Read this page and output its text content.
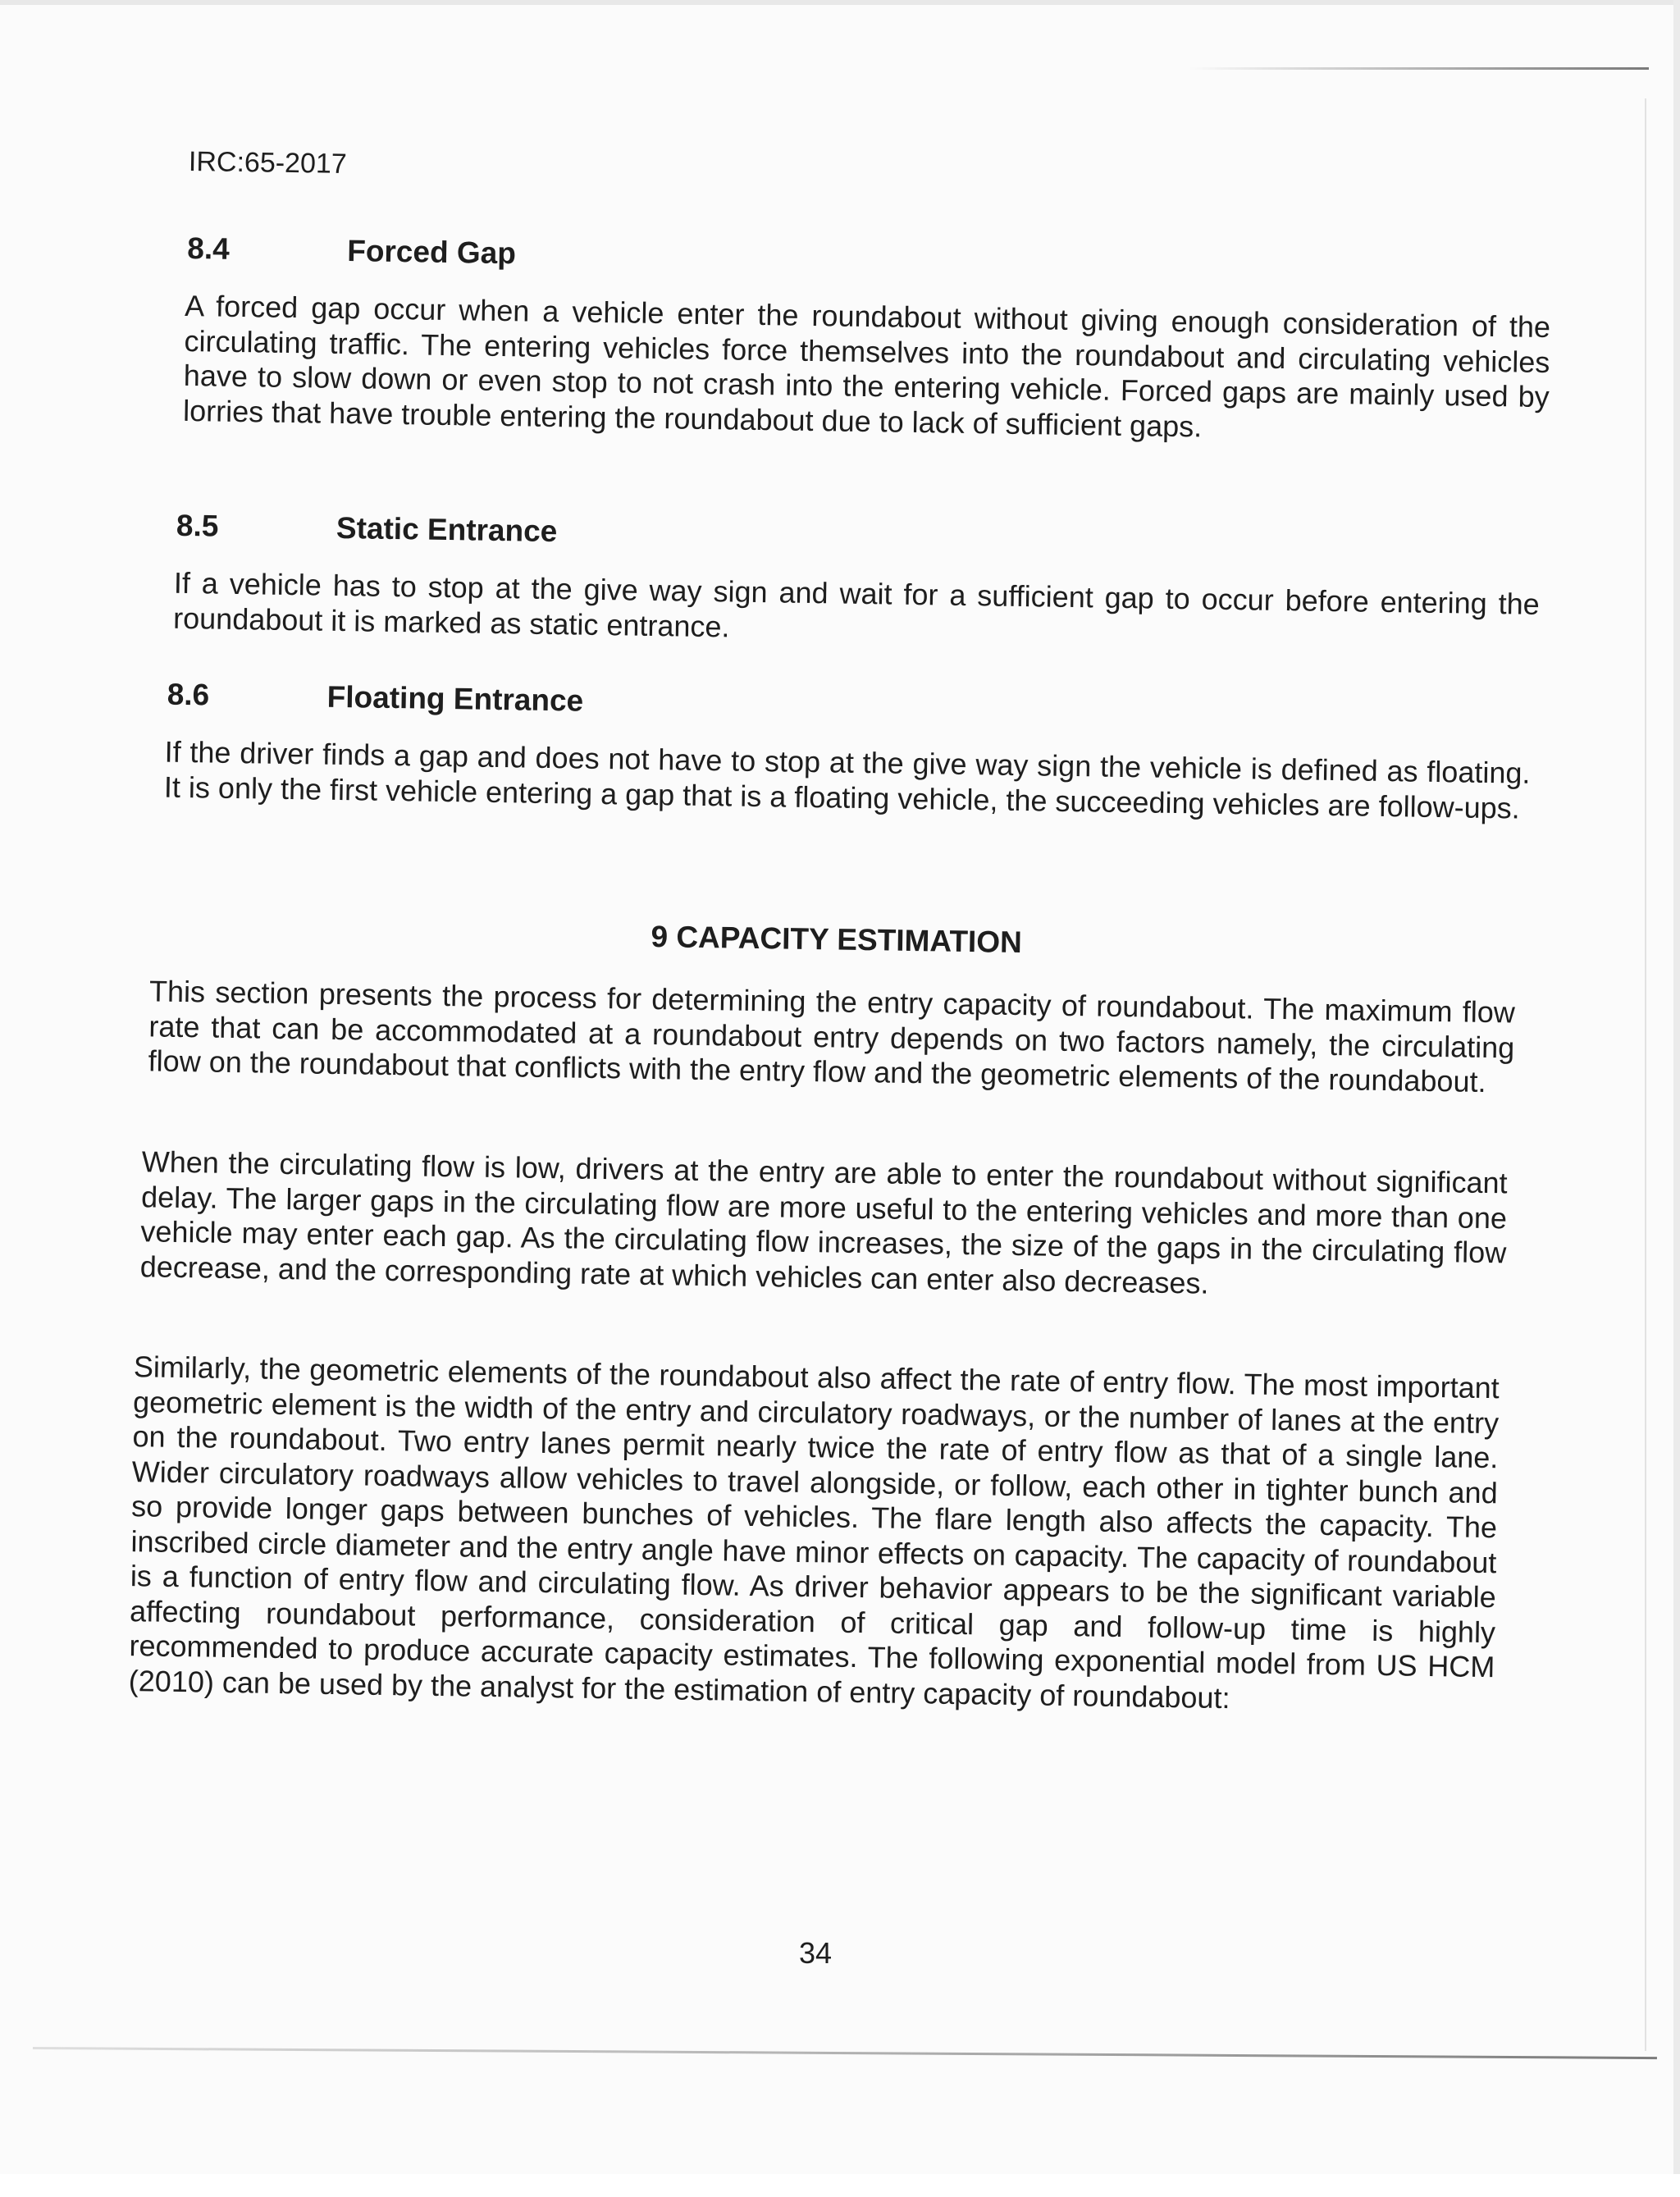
IRC:65-2017

8.4	Forced Gap

A forced gap occur when a vehicle enter the roundabout without giving enough consideration of the circulating traffic. The entering vehicles force themselves into the roundabout and circulating vehicles have to slow down or even stop to not crash into the entering vehicle. Forced gaps are mainly used by lorries that have trouble entering the roundabout due to lack of sufficient gaps.

8.5	Static Entrance

If a vehicle has to stop at the give way sign and wait for a sufficient gap to occur before entering the roundabout it is marked as static entrance.

8.6	Floating Entrance

If the driver finds a gap and does not have to stop at the give way sign the vehicle is defined as floating. It is only the first vehicle entering a gap that is a floating vehicle, the succeeding vehicles are follow-ups.

9 CAPACITY ESTIMATION

This section presents the process for determining the entry capacity of roundabout. The maximum flow rate that can be accommodated at a roundabout entry depends on two factors namely, the circulating flow on the roundabout that conflicts with the entry flow and the geometric elements of the roundabout.

When the circulating flow is low, drivers at the entry are able to enter the roundabout without significant delay. The larger gaps in the circulating flow are more useful to the entering vehicles and more than one vehicle may enter each gap. As the circulating flow increases, the size of the gaps in the circulating flow decrease, and the corresponding rate at which vehicles can enter also decreases.

Similarly, the geometric elements of the roundabout also affect the rate of entry flow. The most important geometric element is the width of the entry and circulatory roadways, or the number of lanes at the entry on the roundabout. Two entry lanes permit nearly twice the rate of entry flow as that of a single lane. Wider circulatory roadways allow vehicles to travel alongside, or follow, each other in tighter bunch and so provide longer gaps between bunches of vehicles. The flare length also affects the capacity. The inscribed circle diameter and the entry angle have minor effects on capacity. The capacity of roundabout is a function of entry flow and circulating flow. As driver behavior appears to be the significant variable affecting roundabout performance, consideration of critical gap and follow-up time is highly recommended to produce accurate capacity estimates. The following exponential model from US HCM (2010) can be used by the analyst for the estimation of entry capacity of roundabout:

34
